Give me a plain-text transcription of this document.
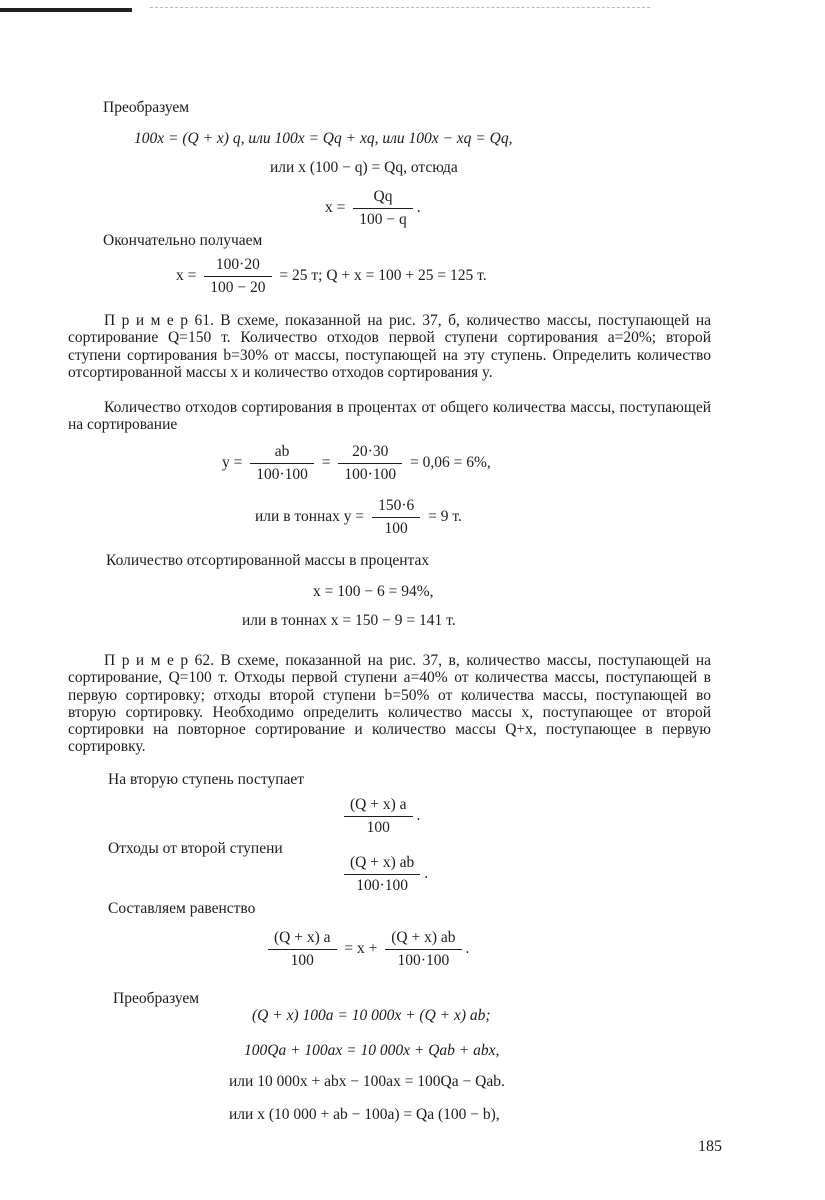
Преобразуем
100x = (Q + x) q, или 100x = Qq + xq, или 100x − xq = Qq,
или x (100 − q) = Qq, отсюда
$x = \frac{Qq}{100 - q}$ .
Окончательно получаем
$x = \frac{100\cdot 20}{100 - 20} = 25$ т; Q + x = 100 + 25 = 125 т.
П р и м е р 61. В схеме, показанной на рис. 37, б, количество массы, поступающей на сортирование Q=150 т. Количество отходов первой ступени сортирования a=20%; второй ступени сортирования b=30% от массы, поступающей на эту ступень. Определить количество отсортированной массы x и количество отходов сортирования y.
Количество отходов сортирования в процентах от общего количества массы, поступающей на сортирование
$y = \frac{ab}{100\cdot 100} = \frac{20\cdot 30}{100\cdot 100} = 0,06 = 6\%$,
или в тоннах $y = \frac{150\cdot 6}{100} = 9$ т.
Количество отсортированной массы в процентах
x = 100 − 6 = 94%,
или в тоннах x = 150 − 9 = 141 т.
П р и м е р 62. В схеме, показанной на рис. 37, в, количество массы, поступающей на сортирование, Q=100 т. Отходы первой ступени a=40% от количества массы, поступающей в первую сортировку; отходы второй ступени b=50% от количества массы, поступающей во вторую сортировку. Необходимо определить количество массы x, поступающее от второй сортировки на повторное сортирование и количество массы Q+x, поступающее в первую сортировку.
На вторую ступень поступает
$\frac{(Q + x) a}{100}$ .
Отходы от второй ступени
$\frac{(Q + x) ab}{100\cdot 100}$ .
Составляем равенство
$\frac{(Q + x) a}{100} = x + \frac{(Q + x) ab}{100\cdot 100}$ .
Преобразуем
(Q + x) 100a = 10 000x + (Q + x) ab;
100Qa + 100ax = 10 000x + Qab + abx,
или 10 000x + abx − 100ax = 100Qa − Qab.
или x (10 000 + ab − 100a) = Qa (100 − b),
185
